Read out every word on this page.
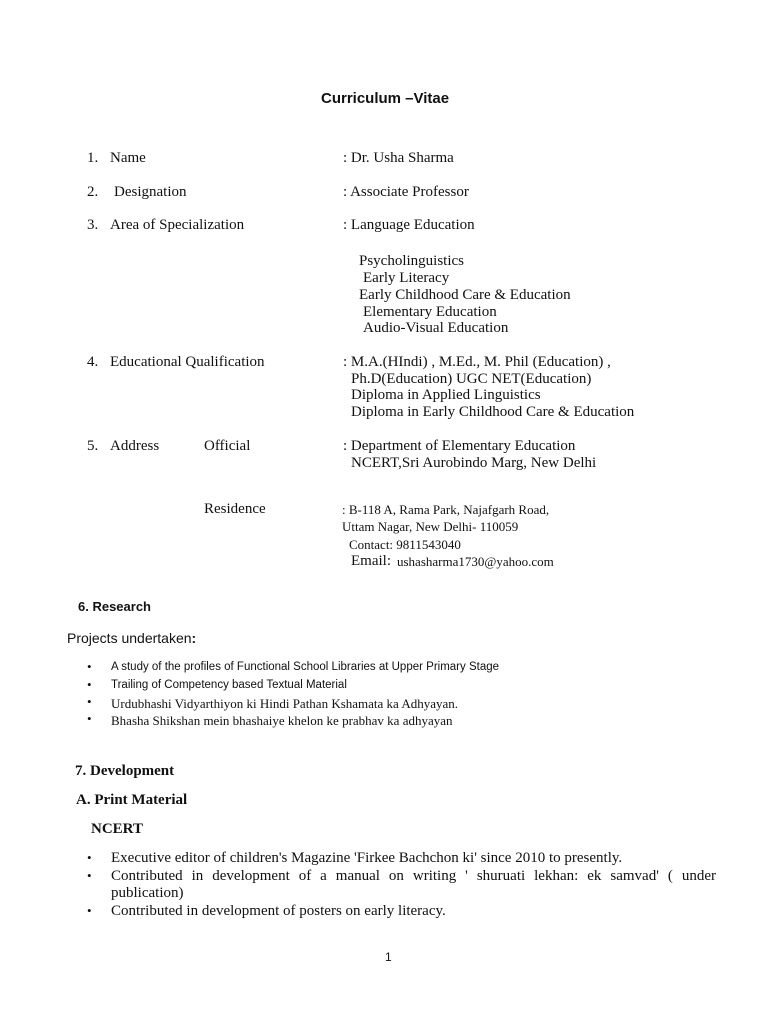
Curriculum –Vitae
1. Name	: Dr. Usha Sharma
2. Designation	: Associate Professor
3. Area of Specialization	: Language Education
Psycholinguistics
Early Literacy
Early Childhood Care & Education
Elementary Education
Audio-Visual Education
4. Educational Qualification	: M.A.(HIndi) , M.Ed., M. Phil (Education) ,
Ph.D(Education) UGC NET(Education)
Diploma in Applied Linguistics
Diploma in Early Childhood Care & Education
5. Address	Official	: Department of Elementary Education
NCERT,Sri Aurobindo Marg, New Delhi
Residence	: B-118 A, Rama Park, Najafgarh Road,
Uttam Nagar, New Delhi- 110059
Contact: 9811543040
Email: ushasharma1730@yahoo.com
6. Research
Projects undertaken:
• A study of the profiles of Functional School Libraries at Upper Primary Stage
• Trailing of Competency based Textual Material
• Urdubhashi Vidyarthiyon ki Hindi Pathan Kshamata ka Adhyayan.
• Bhasha Shikshan mein bhashaiye khelon ke prabhav ka adhyayan
7. Development
A. Print Material
NCERT
• Executive editor of children's Magazine 'Firkee Bachchon ki' since 2010 to presently.
• Contributed in development of a manual on writing ' shuruati lekhan: ek samvad' ( under
publication)
• Contributed in development of posters on early literacy.
1
